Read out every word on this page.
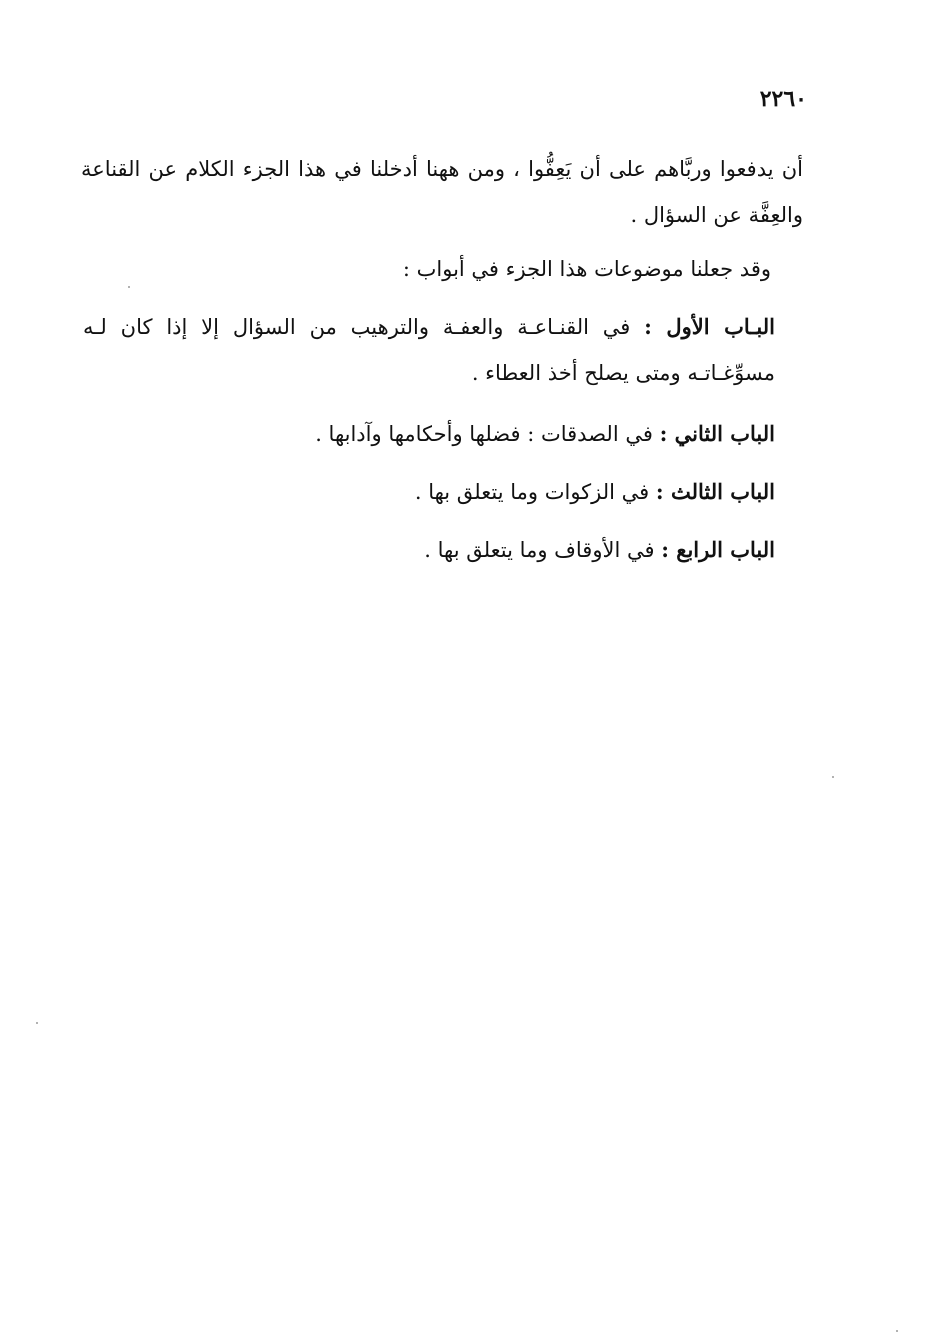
٢٢٦٠
أن يدفعوا وربَّاهم على أن يَعِفُّوا ، ومن ههنا أدخلنا في هذا الجزء الكلام عن القناعة والعِفَّة عن السؤال .
وقد جعلنا موضوعات هذا الجزء في أبواب :
البـاب الأول : في القنـاعـة والعفـة والترهيب من السؤال إلا إذا كان لـه مسوِّغـاتـه ومتى يصلح أخذ العطاء .
الباب الثاني : في الصدقات : فضلها وأحكامها وآدابها .
الباب الثالث : في الزكوات وما يتعلق بها .
الباب الرابع : في الأوقاف وما يتعلق بها .
